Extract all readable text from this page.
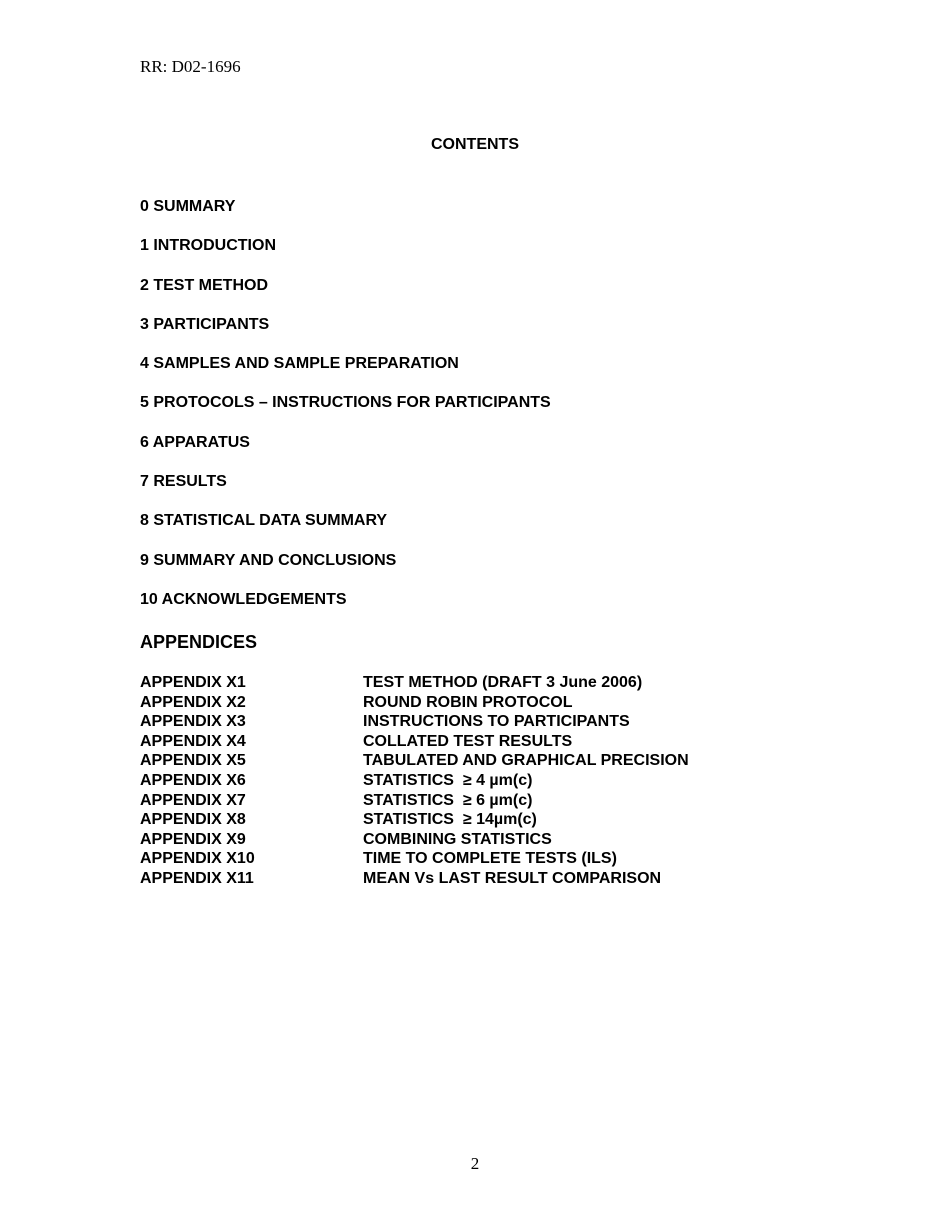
RR: D02-1696
CONTENTS
0 SUMMARY
1 INTRODUCTION
2 TEST METHOD
3 PARTICIPANTS
4 SAMPLES AND SAMPLE PREPARATION
5 PROTOCOLS – INSTRUCTIONS FOR PARTICIPANTS
6 APPARATUS
7 RESULTS
8 STATISTICAL DATA SUMMARY
9 SUMMARY AND CONCLUSIONS
10 ACKNOWLEDGEMENTS
APPENDICES
APPENDIX X1	TEST METHOD (DRAFT 3 June 2006)
APPENDIX X2	ROUND ROBIN PROTOCOL
APPENDIX X3	INSTRUCTIONS TO PARTICIPANTS
APPENDIX X4	COLLATED TEST RESULTS
APPENDIX X5	TABULATED AND GRAPHICAL PRECISION
APPENDIX X6	STATISTICS  ≥ 4 µm(c)
APPENDIX X7	STATISTICS  ≥ 6 µm(c)
APPENDIX X8	STATISTICS  ≥ 14µm(c)
APPENDIX X9	COMBINING STATISTICS
APPENDIX X10	TIME TO COMPLETE TESTS (ILS)
APPENDIX X11	MEAN Vs LAST RESULT COMPARISON
2
